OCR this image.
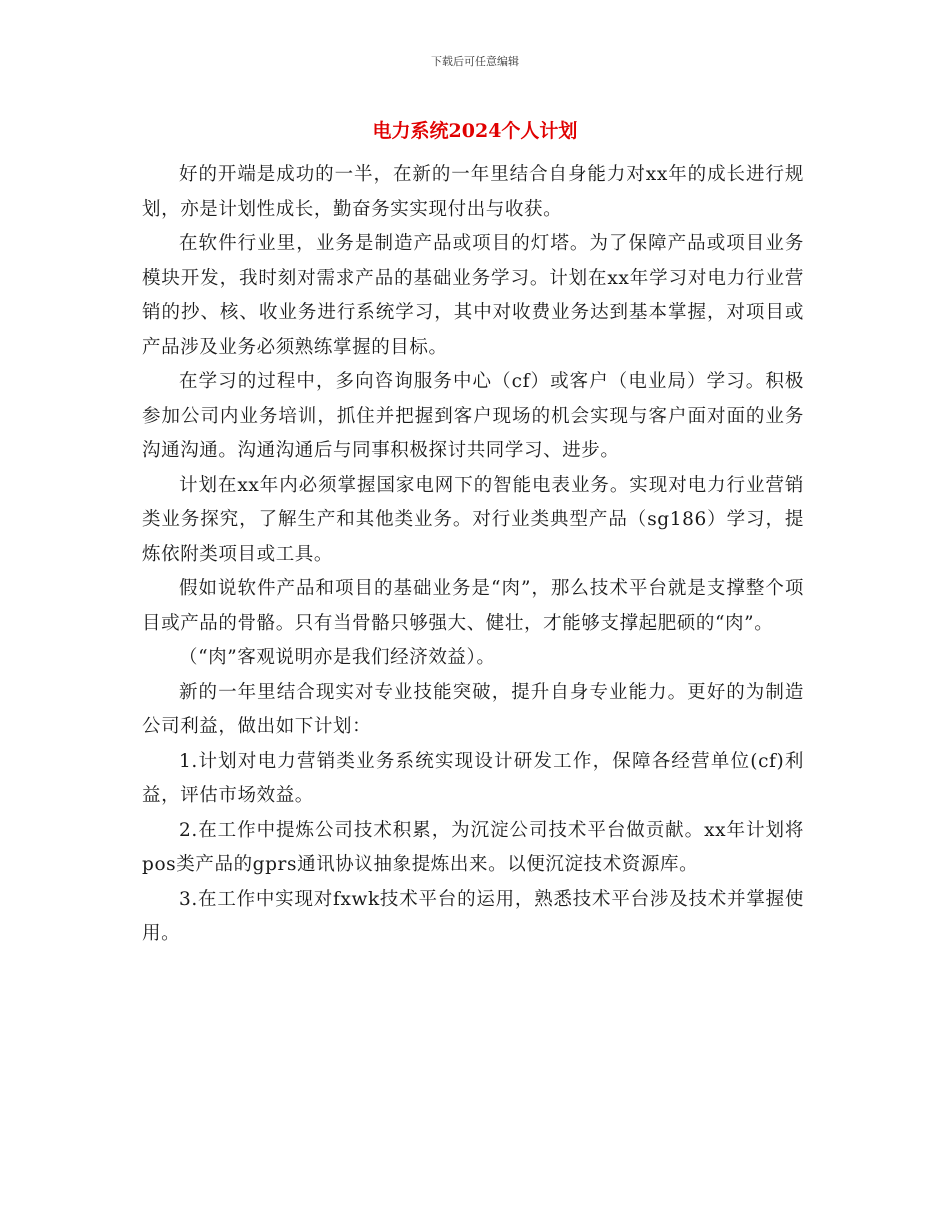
下载后可任意编辑
电力系统2024个人计划

好的开端是成功的一半，在新的一年里结合自身能力对xx年的成长进行规划，亦是计划性成长，勤奋务实实现付出与收获。

在软件行业里，业务是制造产品或项目的灯塔。为了保障产品或项目业务模块开发，我时刻对需求产品的基础业务学习。计划在xx年学习对电力行业营销的抄、核、收业务进行系统学习，其中对收费业务达到基本掌握，对项目或产品涉及业务必须熟练掌握的目标。

在学习的过程中，多向咨询服务中心（cf）或客户（电业局）学习。积极参加公司内业务培训，抓住并把握到客户现场的机会实现与客户面对面的业务沟通沟通。沟通沟通后与同事积极探讨共同学习、进步。

计划在xx年内必须掌握国家电网下的智能电表业务。实现对电力行业营销类业务探究，了解生产和其他类业务。对行业类典型产品（sg186）学习，提炼依附类项目或工具。

假如说软件产品和项目的基础业务是“肉”，那么技术平台就是支撑整个项目或产品的骨骼。只有当骨骼只够强大、健壮，才能够支撑起肥硕的“肉”。

（“肉”客观说明亦是我们经济效益）。

新的一年里结合现实对专业技能突破，提升自身专业能力。更好的为制造公司利益，做出如下计划：

1.计划对电力营销类业务系统实现设计研发工作，保障各经营单位(cf)利益，评估市场效益。

2.在工作中提炼公司技术积累，为沉淀公司技术平台做贡献。xx年计划将 pos类产品的gprs通讯协议抽象提炼出来。以便沉淀技术资源库。

3.在工作中实现对fxwk技术平台的运用，熟悉技术平台涉及技术并掌握使用。
